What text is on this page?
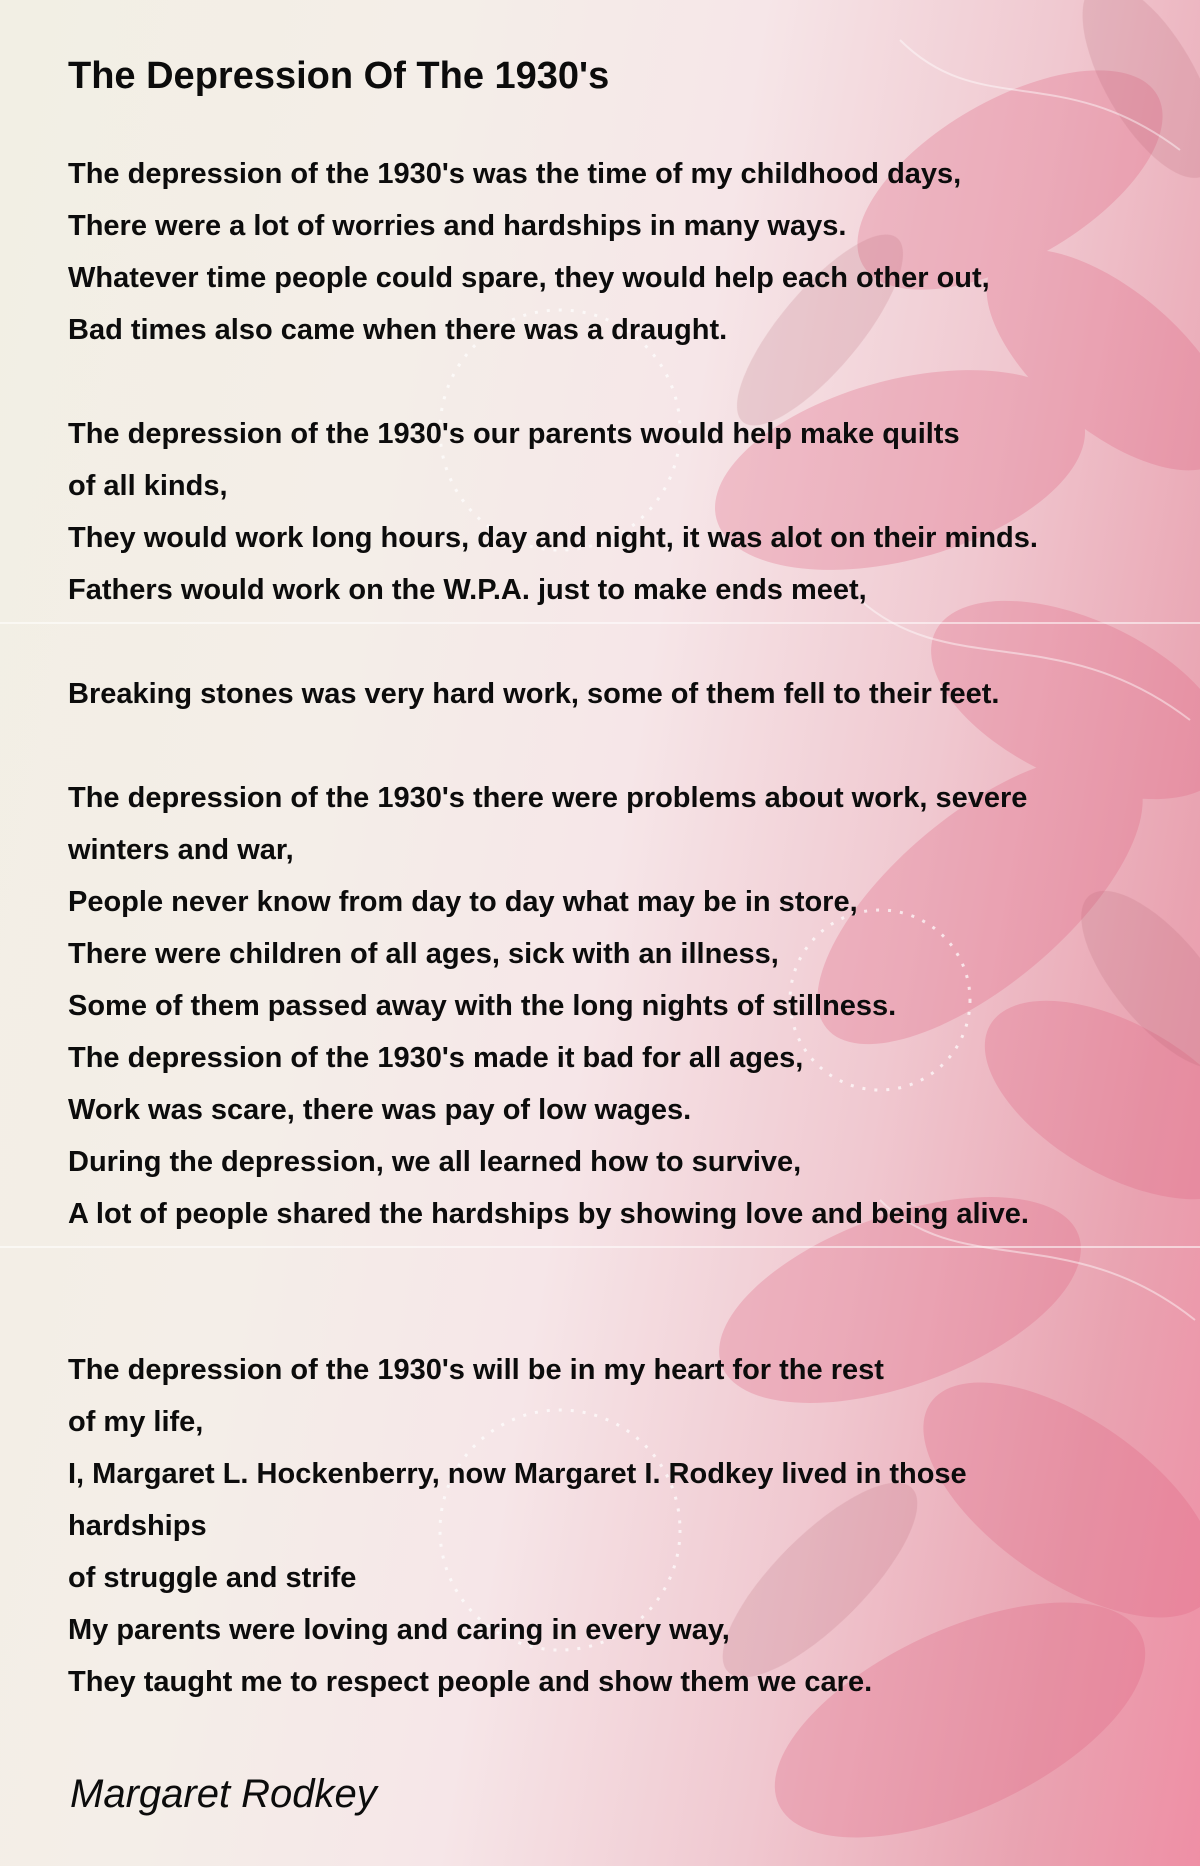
The Depression Of The 1930's
The depression of the 1930's was the time of my childhood days,
There were a lot of worries and hardships in many ways.
Whatever time people could spare, they would help each other out,
Bad times also came when there was a draught.
The depression of the 1930's our parents would help make quilts
of all kinds,
They would work long hours, day and night, it was alot on their minds.
Fathers would work on the W.P.A. just to make ends meet,
Breaking stones was very hard work, some of them fell to their feet.
The depression of the 1930's there were problems about work, severe
winters and war,
People never know from day to day what may be in store,
There were children of all ages, sick with an illness,
Some of them passed away with the long nights of stillness.
The depression of the 1930's made it bad for all ages,
Work was scare, there was pay of low wages.
During the depression, we all learned how to survive,
A lot of people shared the hardships by showing love and being alive.
The depression of the 1930's will be in my heart for the rest
of my life,
I, Margaret L. Hockenberry, now Margaret I. Rodkey lived in those
hardships
of struggle and strife
My parents were loving and caring in every way,
They taught me to respect people and show them we care.
Margaret Rodkey
